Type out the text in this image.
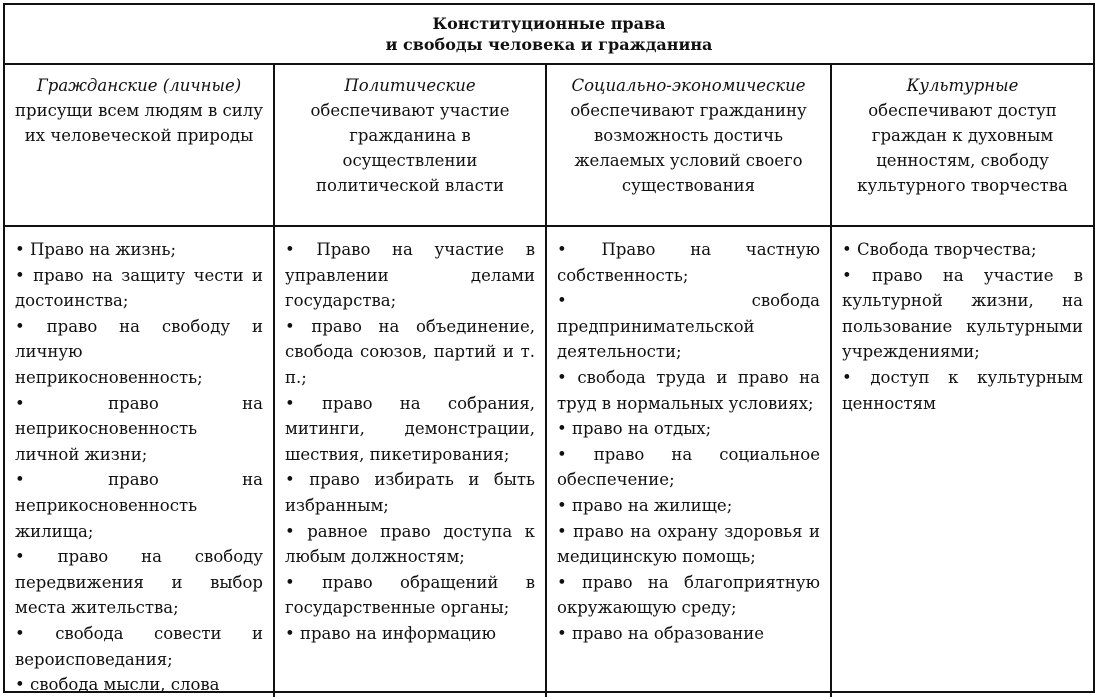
Конституционные права
и свободы человека и гражданина
Гражданские (личные) присущи всем людям в силу их человеческой природы
Политические обеспечивают участие гражданина в осуществлении политической власти
Социально-экономические обеспечивают гражданину возможность достичь желаемых условий своего существования
Культурные обеспечивают доступ граждан к духовным ценностям, свободу культурного творчества
• Право на жизнь;
• право на защиту чести и достоинства;
• право на свободу и личную неприкосновенность;
• право на неприкосновенность личной жизни;
• право на неприкосновенность жилища;
• право на свободу передвижения и выбор места жительства;
• свобода совести и вероисповедания;
• свобода мысли, слова
• Право на участие в управлении делами государства;
• право на объединение, свобода союзов, партий и т. п.;
• право на собрания, митинги, демонстрации, шествия, пикетирования;
• право избирать и быть избранным;
• равное право доступа к любым должностям;
• право обращений в государственные органы;
• право на информацию
• Право на частную собственность;
• свобода предпринимательской деятельности;
• свобода труда и право на труд в нормальных условиях;
• право на отдых;
• право на социальное обеспечение;
• право на жилище;
• право на охрану здоровья и медицинскую помощь;
• право на благоприятную окружающую среду;
• право на образование
• Свобода творчества;
• право на участие в культурной жизни, на пользование культурными учреждениями;
• доступ к культурным ценностям
